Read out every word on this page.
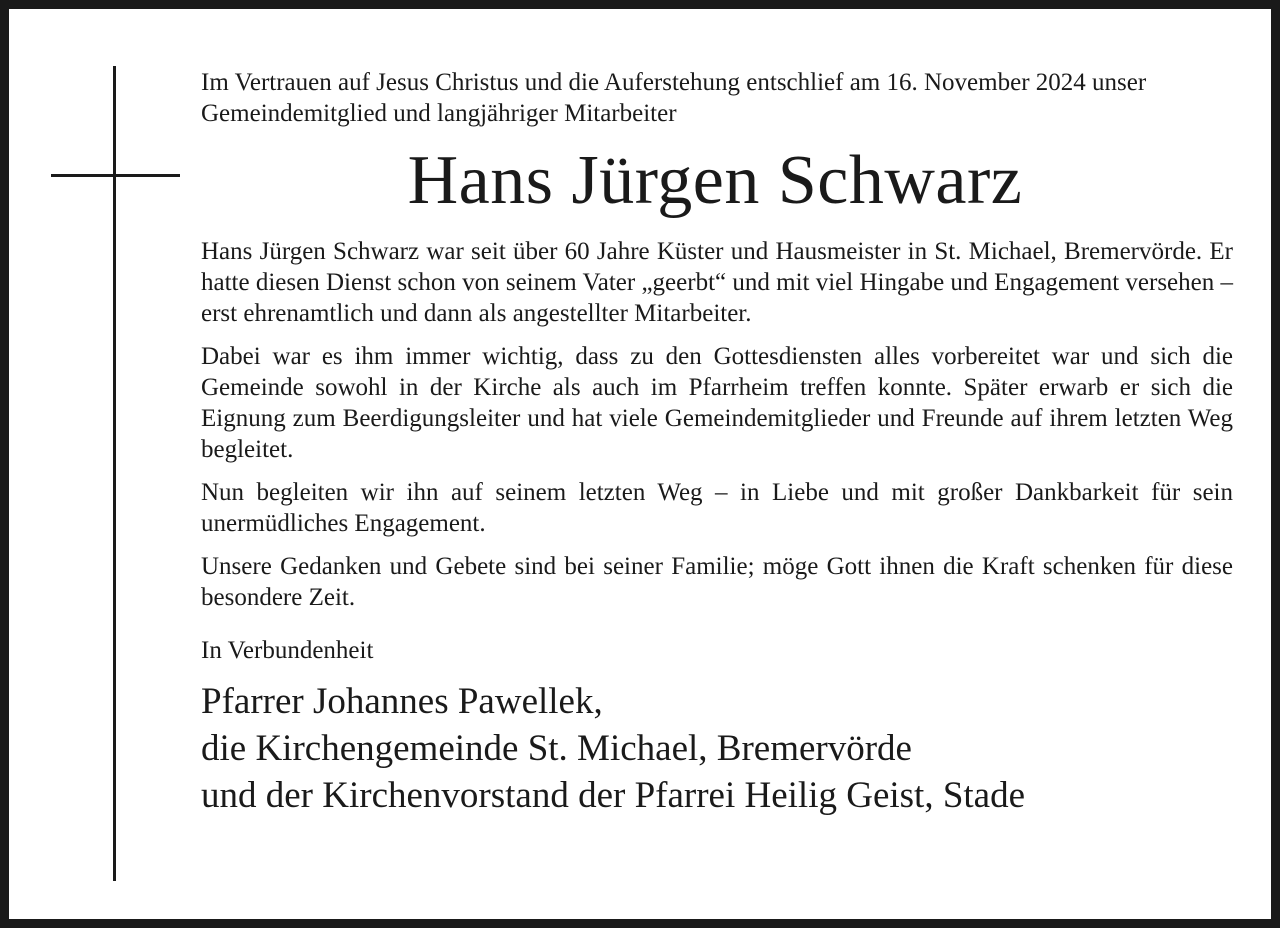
Im Vertrauen auf Jesus Christus und die Auferstehung entschlief am 16. November 2024 unser Gemeindemitglied und langjähriger Mitarbeiter

Hans Jürgen Schwarz

Hans Jürgen Schwarz war seit über 60 Jahre Küster und Hausmeister in St. Michael, Bremervörde. Er hatte diesen Dienst schon von seinem Vater „geerbt“ und mit viel Hingabe und Engagement versehen – erst ehrenamtlich und dann als angestellter Mitarbeiter.

Dabei war es ihm immer wichtig, dass zu den Gottesdiensten alles vorbereitet war und sich die Gemeinde sowohl in der Kirche als auch im Pfarrheim treffen konnte. Später erwarb er sich die Eignung zum Beerdigungsleiter und hat viele Gemeindemitglieder und Freunde auf ihrem letzten Weg begleitet.

Nun begleiten wir ihn auf seinem letzten Weg – in Liebe und mit großer Dankbarkeit für sein unermüdliches Engagement.

Unsere Gedanken und Gebete sind bei seiner Familie; möge Gott ihnen die Kraft schenken für diese besondere Zeit.

In Verbundenheit
Pfarrer Johannes Pawellek,
die Kirchengemeinde St. Michael, Bremervörde
und der Kirchenvorstand der Pfarrei Heilig Geist, Stade
